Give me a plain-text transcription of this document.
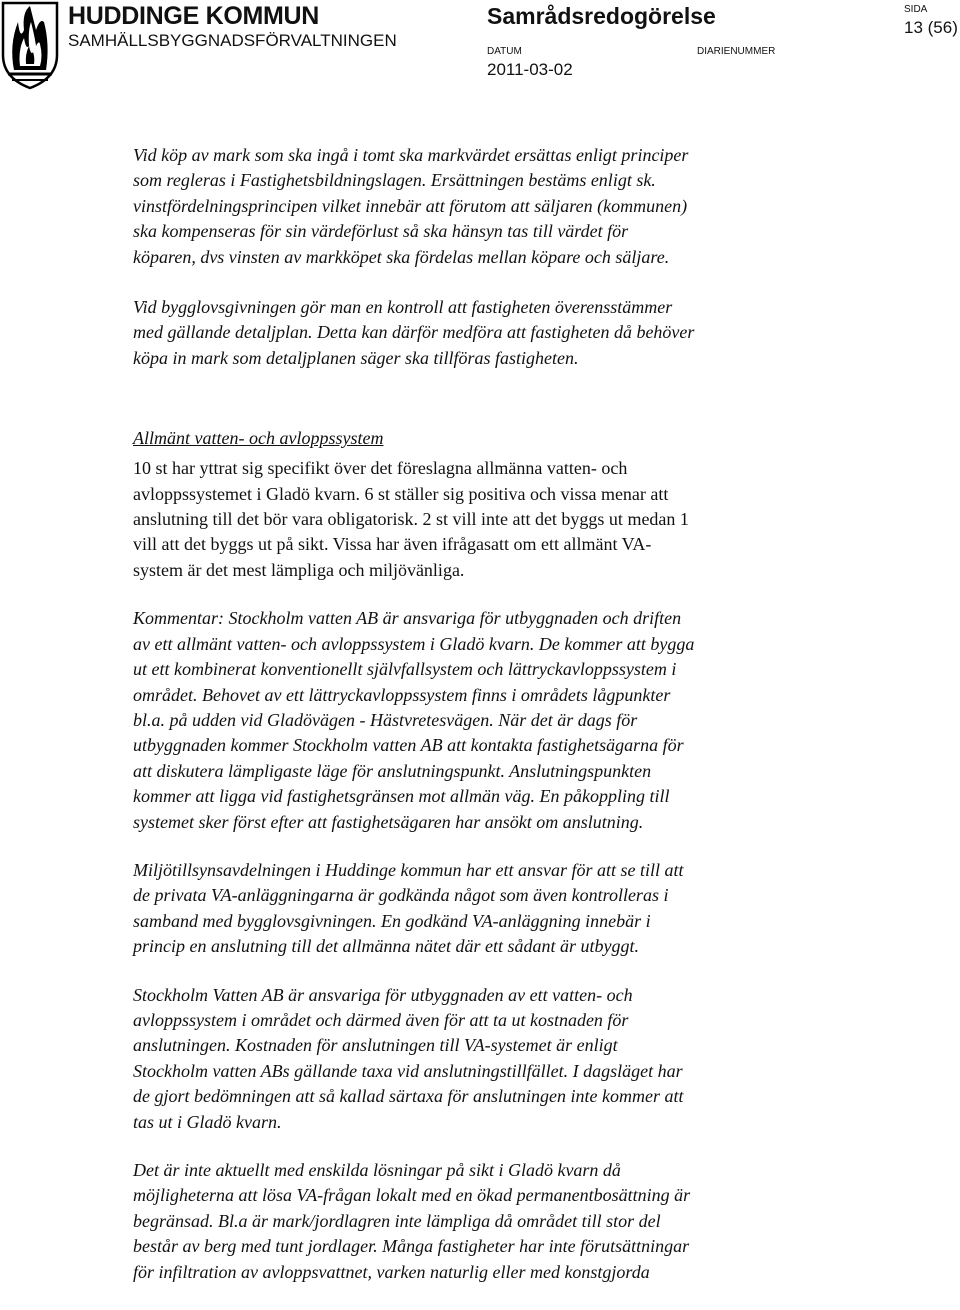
HUDDINGE KOMMUN
SAMHÄLLSBYGGNADSFÖRVALTNINGEN
Samrådsredogörelse
DATUM
2011-03-02
DIARIENUMMER
SIDA
13 (56)

Vid köp av mark som ska ingå i tomt ska markvärdet ersättas enligt principer
som regleras i Fastighetsbildningslagen. Ersättningen bestäms enligt sk.
vinstfördelningsprincipen vilket innebär att förutom att säljaren (kommunen)
ska kompenseras för sin värdeförlust så ska hänsyn tas till värdet för
köparen, dvs vinsten av markköpet ska fördelas mellan köpare och säljare.

Vid bygglovsgivningen gör man en kontroll att fastigheten överensstämmer
med gällande detaljplan. Detta kan därför medföra att fastigheten då behöver
köpa in mark som detaljplanen säger ska tillföras fastigheten.

Allmänt vatten- och avloppssystem

10 st har yttrat sig specifikt över det föreslagna allmänna vatten- och
avloppssystemet i Gladö kvarn. 6 st ställer sig positiva och vissa menar att
anslutning till det bör vara obligatorisk. 2 st vill inte att det byggs ut medan 1
vill att det byggs ut på sikt. Vissa har även ifrågasatt om ett allmänt VA-
system är det mest lämpliga och miljövänliga.

Kommentar: Stockholm vatten AB är ansvariga för utbyggnaden och driften
av ett allmänt vatten- och avloppssystem i Gladö kvarn. De kommer att bygga
ut ett kombinerat konventionellt självfallsystem och lättryckavloppssystem i
området. Behovet av ett lättryckavloppssystem finns i områdets lågpunkter
bl.a. på udden vid Gladövägen - Hästvretesvägen. När det är dags för
utbyggnaden kommer Stockholm vatten AB att kontakta fastighetsägarna för
att diskutera lämpligaste läge för anslutningspunkt. Anslutningspunkten
kommer att ligga vid fastighetsgränsen mot allmän väg. En påkoppling till
systemet sker först efter att fastighetsägaren har ansökt om anslutning.

Miljötillsynsavdelningen i Huddinge kommun har ett ansvar för att se till att
de privata VA-anläggningarna är godkända något som även kontrolleras i
samband med bygglovsgivningen. En godkänd VA-anläggning innebär i
princip en anslutning till det allmänna nätet där ett sådant är utbyggt.

Stockholm Vatten AB är ansvariga för utbyggnaden av ett vatten- och
avloppssystem i området och därmed även för att ta ut kostnaden för
anslutningen. Kostnaden för anslutningen till VA-systemet är enligt
Stockholm vatten ABs gällande taxa vid anslutningstillfället. I dagsläget har
de gjort bedömningen att så kallad särtaxa för anslutningen inte kommer att
tas ut i Gladö kvarn.

Det är inte aktuellt med enskilda lösningar på sikt i Gladö kvarn då
möjligheterna att lösa VA-frågan lokalt med en ökad permanentbosättning är
begränsad. Bl.a är mark/jordlagren inte lämpliga då området till stor del
består av berg med tunt jordlager. Många fastigheter har inte förutsättningar
för infiltration av avloppsvattnet, varken naturlig eller med konstgjorda
